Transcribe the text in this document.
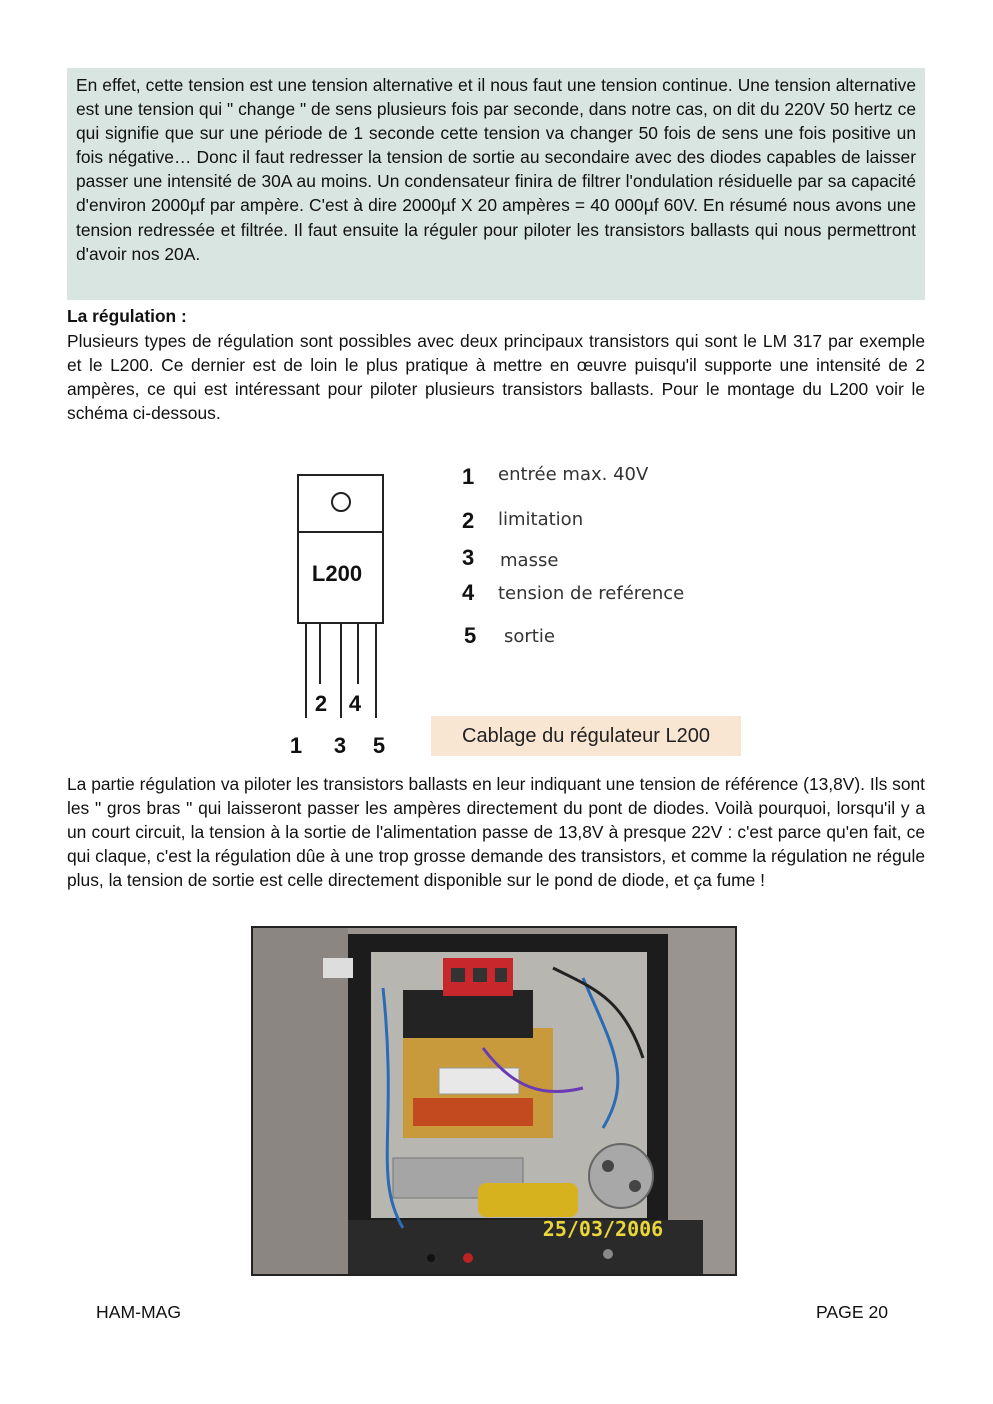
En effet, cette tension est une tension alternative et il nous faut une tension continue. Une tension alternative est une tension qui " change " de sens plusieurs fois par seconde, dans notre cas, on dit du 220V 50 hertz ce qui signifie que sur une période de 1 seconde cette tension va changer 50 fois de sens une fois positive un fois négative… Donc il faut redresser la tension de sortie au secondaire avec des diodes capables de laisser passer une intensité de 30A au moins. Un condensateur finira de filtrer l'ondulation résiduelle par sa capacité d'environ 2000µf par ampère. C'est à dire 2000µf X 20 ampères = 40 000µf 60V. En résumé nous avons une tension redressée et filtrée. Il faut ensuite la réguler pour piloter les transistors ballasts qui nous permettront d'avoir nos 20A.

La régulation :

Plusieurs types de régulation sont possibles avec deux principaux transistors qui sont le LM 317 par exemple et le L200. Ce dernier est de loin le plus pratique à mettre en œuvre puisqu'il supporte une intensité de 2 ampères, ce qui est intéressant pour piloter plusieurs transistors ballasts. Pour le montage du L200 voir le schéma ci-dessous.

L200
2 4
1 3 5
1 entrée max. 40V
2 limitation
3 masse
4 tension de reférence
5 sortie
Cablage du régulateur L200

La partie régulation va piloter les transistors ballasts en leur indiquant une tension de référence (13,8V). Ils sont les " gros bras " qui laisseront passer les ampères directement du pont de diodes. Voilà pourquoi, lorsqu'il y a un court circuit, la tension à la sortie de l'alimentation passe de 13,8V à presque 22V : c'est parce qu'en fait, ce qui claque, c'est la régulation dûe à une trop grosse demande des transistors, et comme la régulation ne régule plus, la tension de sortie est celle directement disponible sur le pond de diode, et ça fume !

25/03/2006
HAM-MAG	PAGE 20
